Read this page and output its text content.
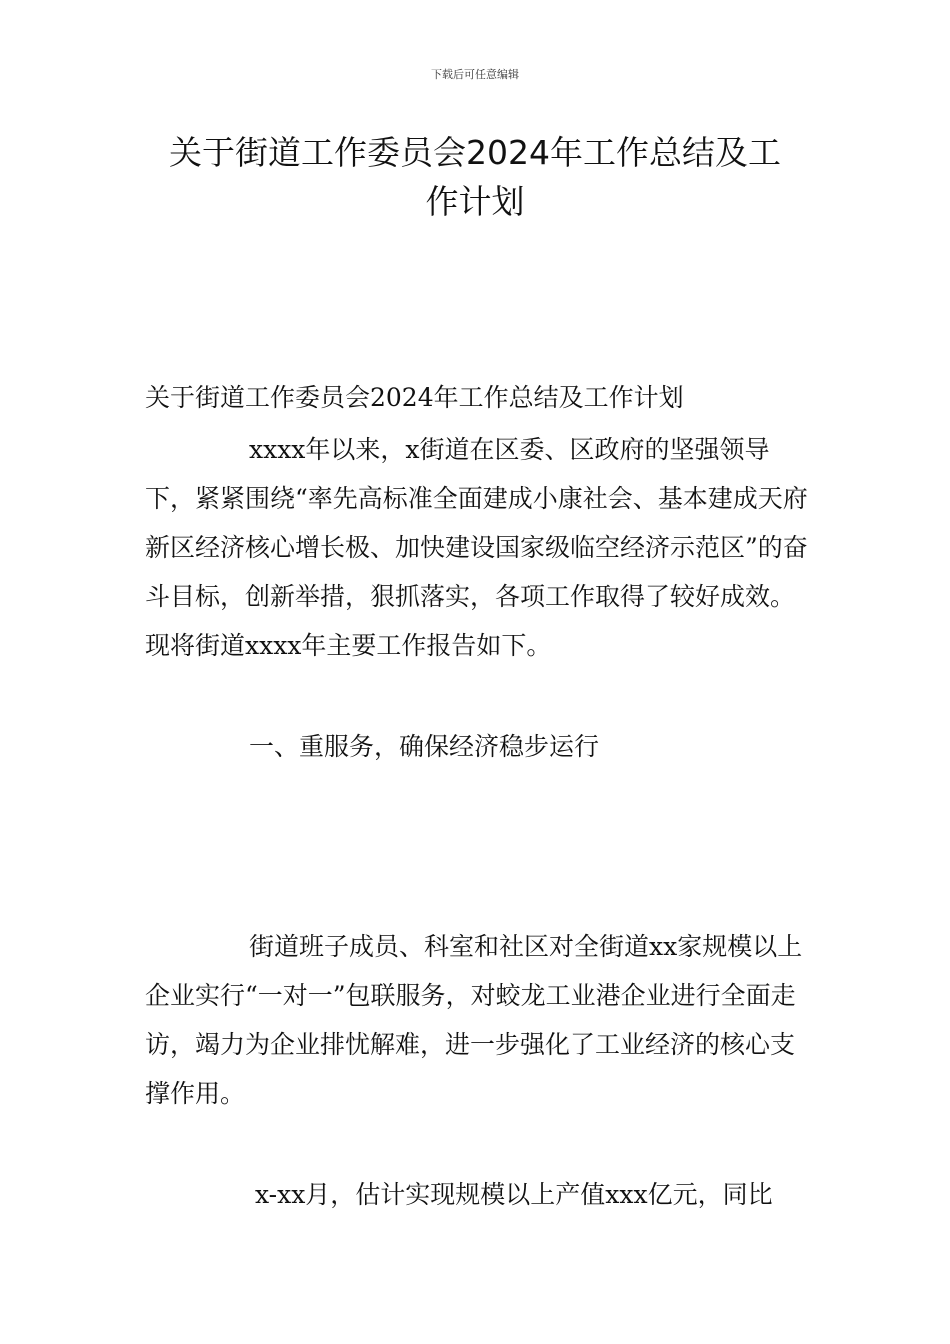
下载后可任意编辑
关于街道工作委员会2024年工作总结及工
作计划

关于街道工作委员会2024年工作总结及工作计划

xxxx年以来，x街道在区委、区政府的坚强领导下，紧紧围绕“率先高标准全面建成小康社会、基本建成天府新区经济核心增长极、加快建设国家级临空经济示范区”的奋斗目标，创新举措，狠抓落实，各项工作取得了较好成效。现将街道xxxx年主要工作报告如下。

一、重服务，确保经济稳步运行

街道班子成员、科室和社区对全街道xx家规模以上企业实行“一对一”包联服务，对蛟龙工业港企业进行全面走访，竭力为企业排忧解难，进一步强化了工业经济的核心支撑作用。

x-xx月，估计实现规模以上产值xxx亿元，同比
